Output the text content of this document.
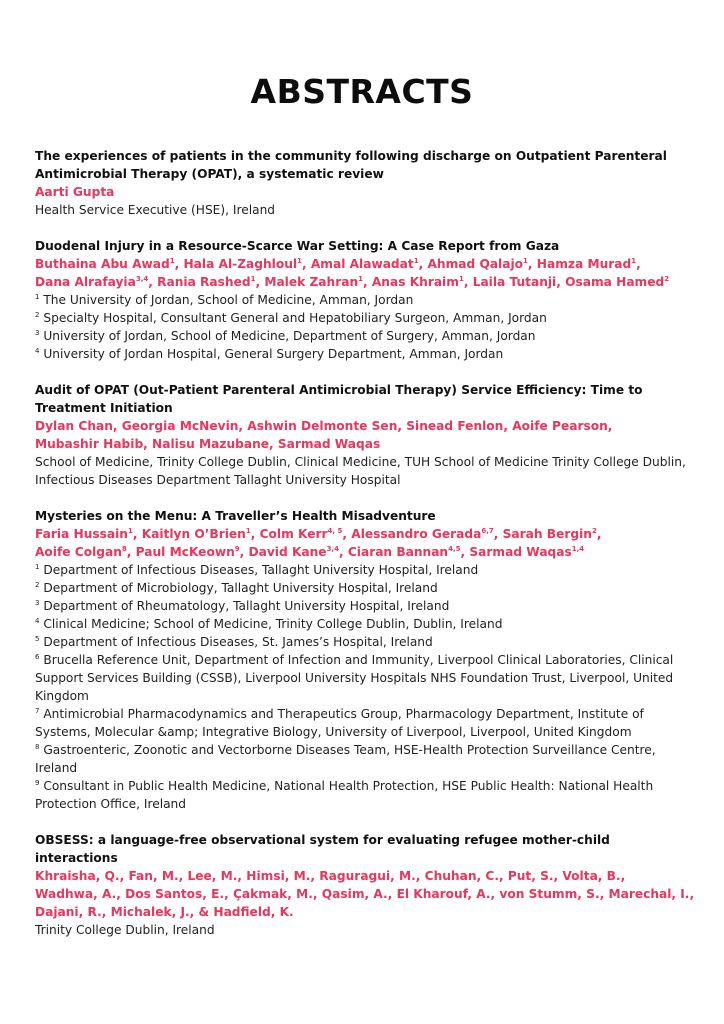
ABSTRACTS
The experiences of patients in the community following discharge on Outpatient Parenteral Antimicrobial Therapy (OPAT), a systematic review
Aarti Gupta
Health Service Executive (HSE), Ireland
Duodenal Injury in a Resource-Scarce War Setting: A Case Report from Gaza
Buthaina Abu Awad$^1$, Hala Al-Zaghloul$^1$, Amal Alawadat$^1$, Ahmad Qalajo$^1$, Hamza Murad$^1$, Dana Alrafayia$^{3,4}$, Rania Rashed$^1$, Malek Zahran$^1$, Anas Khraim$^1$, Laila Tutanji, Osama Hamed$^2$
$^1$ The University of Jordan, School of Medicine, Amman, Jordan
$^2$ Specialty Hospital, Consultant General and Hepatobiliary Surgeon, Amman, Jordan
$^3$ University of Jordan, School of Medicine, Department of Surgery, Amman, Jordan
$^4$ University of Jordan Hospital, General Surgery Department, Amman, Jordan
Audit of OPAT (Out-Patient Parenteral Antimicrobial Therapy) Service Efficiency: Time to Treatment Initiation
Dylan Chan, Georgia McNevin, Ashwin Delmonte Sen, Sinead Fenlon, Aoife Pearson, Mubashir Habib, Nalisu Mazubane, Sarmad Waqas
School of Medicine, Trinity College Dublin, Clinical Medicine, TUH School of Medicine Trinity College Dublin, Infectious Diseases Department Tallaght University Hospital
Mysteries on the Menu: A Traveller’s Health Misadventure
Faria Hussain$^1$, Kaitlyn O’Brien$^1$, Colm Kerr$^{4, 5}$, Alessandro Gerada$^{6,7}$, Sarah Bergin$^2$, Aoife Colgan$^8$, Paul McKeown$^9$, David Kane$^{3,4}$, Ciaran Bannan$^{4,5}$, Sarmad Waqas$^{1,4}$
$^1$ Department of Infectious Diseases, Tallaght University Hospital, Ireland
$^2$ Department of Microbiology, Tallaght University Hospital, Ireland
$^3$ Department of Rheumatology, Tallaght University Hospital, Ireland
$^4$ Clinical Medicine; School of Medicine, Trinity College Dublin, Dublin, Ireland
$^5$ Department of Infectious Diseases, St. James’s Hospital, Ireland
$^6$ Brucella Reference Unit, Department of Infection and Immunity, Liverpool Clinical Laboratories, Clinical Support Services Building (CSSB), Liverpool University Hospitals NHS Foundation Trust, Liverpool, United Kingdom
$^7$ Antimicrobial Pharmacodynamics and Therapeutics Group, Pharmacology Department, Institute of Systems, Molecular &amp; Integrative Biology, University of Liverpool, Liverpool, United Kingdom
$^8$ Gastroenteric, Zoonotic and Vectorborne Diseases Team, HSE-Health Protection Surveillance Centre, Ireland
$^9$ Consultant in Public Health Medicine, National Health Protection, HSE Public Health: National Health Protection Office, Ireland
OBSESS: a language-free observational system for evaluating refugee mother-child interactions
Khraisha, Q., Fan, M., Lee, M., Himsi, M., Raguragui, M., Chuhan, C., Put, S., Volta, B., Wadhwa, A., Dos Santos, E., Çakmak, M., Qasim, A., El Kharouf, A., von Stumm, S., Marechal, I., Dajani, R., Michalek, J., & Hadfield, K.
Trinity College Dublin, Ireland
